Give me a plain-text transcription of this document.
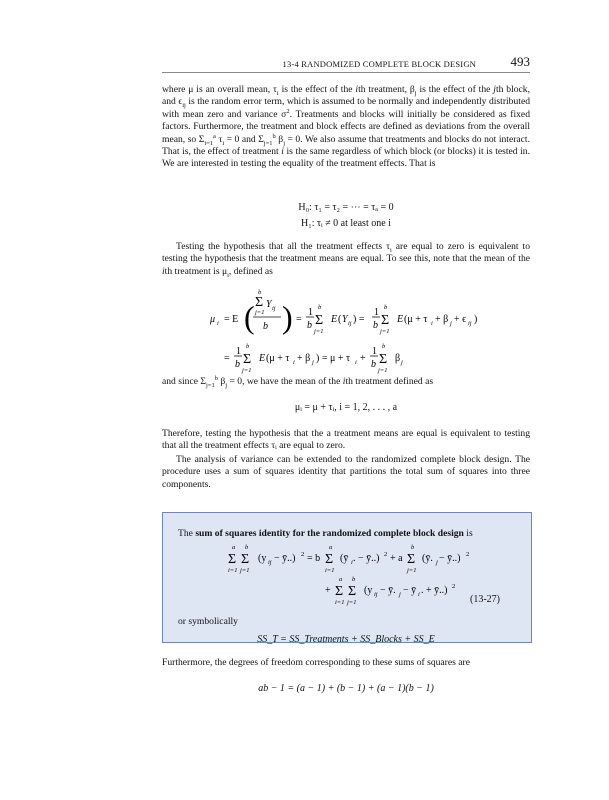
13-4 RANDOMIZED COMPLETE BLOCK DESIGN	493

where μ is an overall mean, $\tau_i$ is the effect of the ith treatment, $\beta_j$ is the effect of the jth block, and $\epsilon_{ij}$ is the random error term, which is assumed to be normally and independently distributed with mean zero and variance $\sigma^2$. Treatments and blocks will initially be considered as fixed factors. Furthermore, the treatment and block effects are defined as deviations from the overall mean, so $\Sigma_{i=1}^a$ $\tau_i = 0$ and $\Sigma_{j=1}^b$ $\beta_j = 0$. We also assume that treatments and blocks do not interact. That is, the effect of treatment i is the same regardless of which block (or blocks) it is tested in. We are interested in testing the equality of the treatment effects. That is

H₀: τ₁ = τ₂ = ⋯ = τₐ = 0
H₁: τᵢ ≠ 0 at least one i

Testing the hypothesis that all the treatment effects $\tau_i$ are equal to zero is equivalent to testing the hypothesis that the treatment means are equal. To see this, note that the mean of the ith treatment is $\mu_i$, defined as

μ i = E (
b
Σ Y ij
j=1
b ) =
1
b
b
Σ
j=1
E ( Y ij ) =
1
b
b
Σ
j=1
E (μ + τ i + β j + ϵ ij )
=
1
b
b
Σ
j=1
E (μ + τ i + β j ) = μ + τ i +
1
b
b
Σ
j=1
β j

and since $\Sigma_{j=1}^b$ $\beta_j = 0$, we have the mean of the ith treatment defined as

μᵢ = μ + τᵢ, i = 1, 2, . . . , a

Therefore, testing the hypothesis that the a treatment means are equal is equivalent to testing that all the treatment effects τᵢ are equal to zero.

The analysis of variance can be extended to the randomized complete block design. The procedure uses a sum of squares identity that partitions the total sum of squares into three components.

The sum of squares identity for the randomized complete block design is
a
Σ
i=1
b
Σ
j=1
(y ij − ȳ..) 2 = b
a
Σ
i=1
(ȳ i . − ȳ..) 2 + a
b
Σ
j=1
(ȳ. j − ȳ..) 2
+
a
Σ
i=1
b
Σ
j=1
(y ij − ȳ. j − ȳ i . + ȳ..) 2
(13-27)
or symbolically
SS_T = SS_Treatments + SS_Blocks + SS_E

Furthermore, the degrees of freedom corresponding to these sums of squares are

ab − 1 = (a − 1) + (b − 1) + (a − 1)(b − 1)
